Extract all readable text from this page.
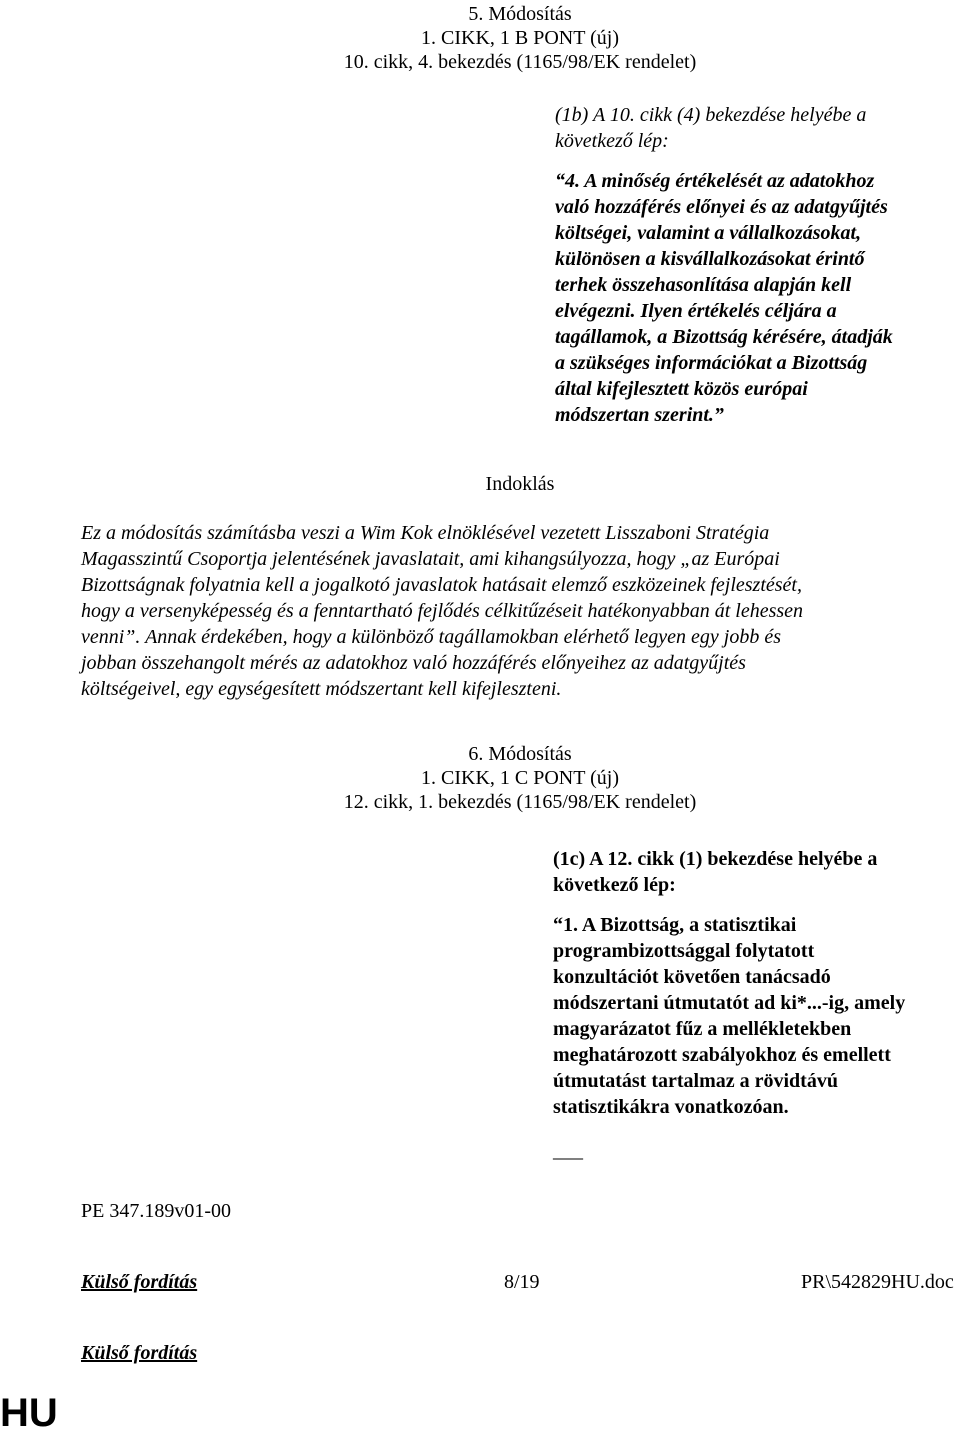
5. Módosítás
1. CIKK, 1 B PONT (új)
10. cikk, 4. bekezdés (1165/98/EK rendelet)
(1b) A 10. cikk (4) bekezdése helyébe a
következő lép:
“4. A minőség értékelését az adatokhoz
való hozzáférés előnyei és az adatgyűjtés
költségei, valamint a vállalkozásokat,
különösen a kisvállalkozásokat érintő
terhek összehasonlítása alapján kell
elvégezni. Ilyen értékelés céljára a
tagállamok, a Bizottság kérésére, átadják
a szükséges információkat a Bizottság
által kifejlesztett közös európai
módszertan szerint.”
Indoklás
Ez a módosítás számításba veszi a Wim Kok elnöklésével vezetett Lisszaboni Stratégia
Magasszintű Csoportja jelentésének javaslatait, ami kihangsúlyozza, hogy „az Európai
Bizottságnak folyatnia kell a jogalkotó javaslatok hatásait elemző eszközeinek fejlesztését,
hogy a versenyképesség és a fenntartható fejlődés célkitűzéseit hatékonyabban át lehessen
venni”. Annak érdekében, hogy a különböző tagállamokban elérhető legyen egy jobb és
jobban összehangolt mérés az adatokhoz való hozzáférés előnyeihez az adatgyűjtés
költségeivel, egy egységesített módszertant kell kifejleszteni.
6. Módosítás
1. CIKK, 1 C PONT (új)
12. cikk, 1. bekezdés (1165/98/EK rendelet)
(1c) A 12. cikk (1) bekezdése helyébe a
következő lép:
“1. A Bizottság, a statisztikai
programbizottsággal folytatott
konzultációt követően tanácsadó
módszertani útmutatót ad ki*...-ig, amely
magyarázatot fűz a mellékletekben
meghatározott szabályokhoz és emellett
útmutatást tartalmaz a rövidtávú
statisztikákra vonatkozóan.
___
PE 347.189v01-00
Külső fordítás	8/19	PR\542829HU.doc
Külső fordítás
HU
